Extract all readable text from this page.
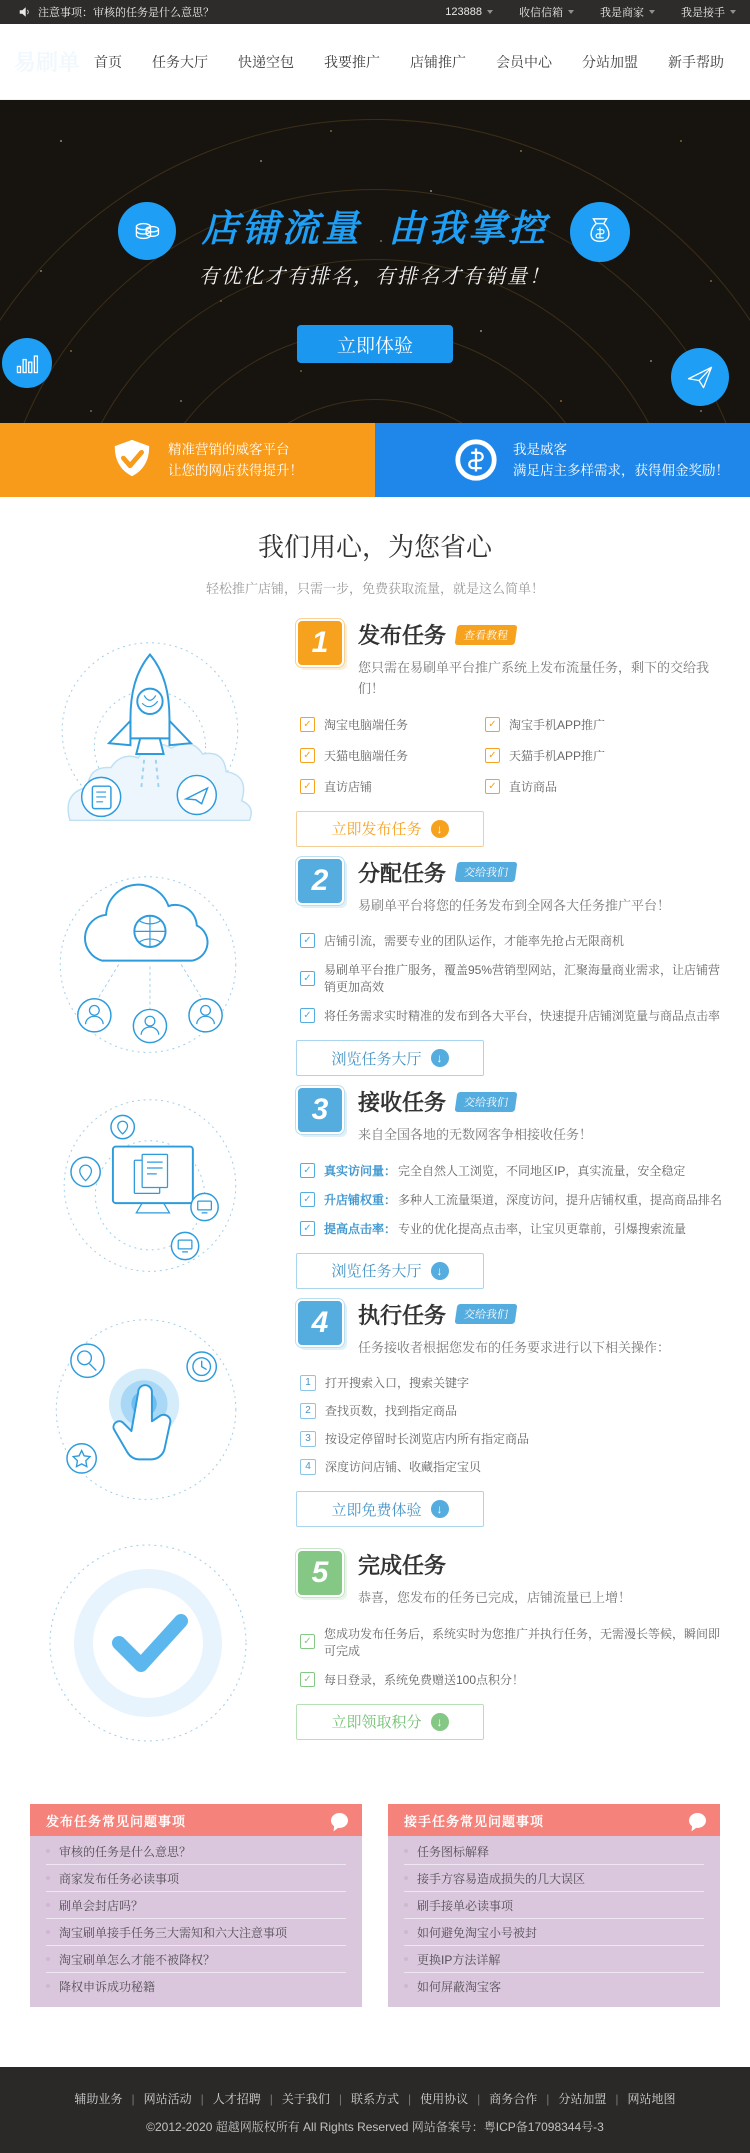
注意事项：审核的任务是什么意思？	123888	收信信箱	我是商家	我是接手
易刷单 首页 任务大厅 快递空包 我要推广 店铺推广 会员中心 分站加盟 新手帮助
店铺流量  由我掌控

有优化才有排名，有排名才有销量！

立即体验
精准营销的威客平台
让您的网店获得提升！
我是威客
满足店主多样需求，获得佣金奖励！
我们用心，为您省心

轻松推广店铺，只需一步，免费获取流量，就是这么简单！

1	发布任务	查看教程

您只需在易刷单平台推广系统上发布流量任务，剩下的交给我们！

✓ 淘宝电脑端任务	✓ 淘宝手机APP推广
✓ 天猫电脑端任务	✓ 天猫手机APP推广
✓ 直访店铺	✓ 直访商品
立即发布任务	↓
2	分配任务	交给我们

易刷单平台将您的任务发布到全网各大任务推广平台！

✓ 店铺引流，需要专业的团队运作，才能率先抢占无限商机
✓
易刷单平台推广服务，覆盖95%营销型网站，汇聚海量商业需求，让店铺营销更加高效
✓ 将任务需求实时精准的发布到各大平台，快速提升店铺浏览量与商品点击率
浏览任务大厅	↓
3	接收任务	交给我们

来自全国各地的无数网客争相接收任务！

✓ 真实访问量： 完全自然人工浏览，不同地区IP，真实流量，安全稳定
✓ 升店铺权重： 多种人工流量渠道，深度访问，提升店铺权重，提高商品排名
✓ 提高点击率： 专业的优化提高点击率，让宝贝更靠前，引爆搜索流量
浏览任务大厅	↓
4	执行任务	交给我们

任务接收者根据您发布的任务要求进行以下相关操作：

1	打开搜索入口，搜索关键字
2	查找页数，找到指定商品
3	按设定停留时长浏览店内所有指定商品
4	深度访问店铺、收藏指定宝贝
立即免费体验	↓
5	完成任务

恭喜，您发布的任务已完成，店铺流量已上增！

✓
您成功发布任务后，系统实时为您推广并执行任务，无需漫长等候，瞬间即可完成
✓ 每日登录，系统免费赠送100点积分！
立即领取积分	↓
发布任务常见问题事项
审核的任务是什么意思？
商家发布任务必读事项
刷单会封店吗？
淘宝刷单接手任务三大需知和六大注意事项
淘宝刷单怎么才能不被降权？
降权申诉成功秘籍
接手任务常见问题事项
任务图标解释
接手方容易造成损失的几大误区
刷手接单必读事项
如何避免淘宝小号被封
更换IP方法详解
如何屏蔽淘宝客
辅助业务 | 网站活动 | 人才招聘 | 关于我们 | 联系方式 | 使用协议 | 商务合作 | 分站加盟 | 网站地图
©2012-2020 超越网版权所有 All Rights Reserved 网站备案号：粤ICP备17098344号-3
